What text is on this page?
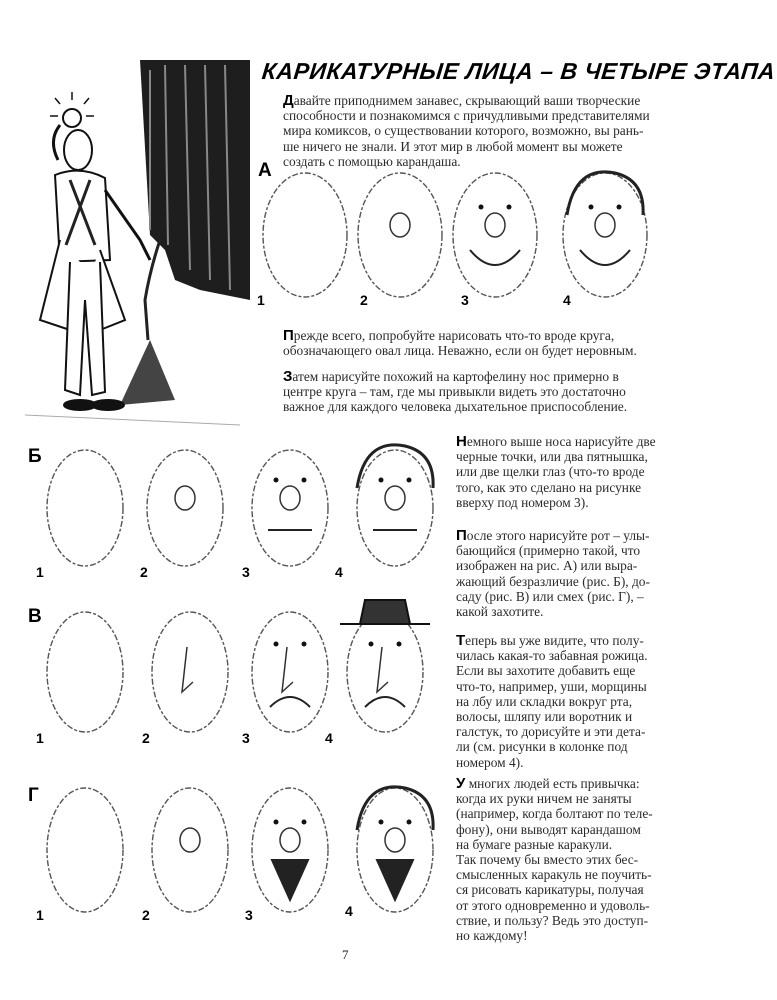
КАРИКАТУРНЫЕ ЛИЦА – В ЧЕТЫРЕ ЭТАПА
Давайте приподнимем занавес, скрывающий ваши творческие
способности и познакомимся с причудливыми представителями
мира комиксов, о существовании которого, возможно, вы рань-
ше ничего не знали. И этот мир в любой момент вы можете
создать с помощью карандаша.
Прежде всего, попробуйте нарисовать что-то вроде круга,
обозначающего овал лица. Неважно, если он будет неровным.
Затем нарисуйте похожий на картофелину нос примерно в
центре круга – там, где мы привыкли видеть это достаточно
важное для каждого человека дыхательное приспособление.
Немного выше носа нарисуйте две
черные точки, или два пятнышка,
или две щелки глаз (что-то вроде
того, как это сделано на рисунке
вверху под номером 3).
После этого нарисуйте рот – улы-
бающийся (примерно такой, что
изображен на рис. А) или выра-
жающий безразличие (рис. Б), до-
саду (рис. В) или смех (рис. Г), –
какой захотите.
Теперь вы уже видите, что полу-
чилась какая-то забавная рожица.
Если вы захотите добавить еще
что-то, например, уши, морщины
на лбу или складки вокруг рта,
волосы, шляпу или воротник и
галстук, то дорисуйте и эти дета-
ли (см. рисунки в колонке под
номером 4).
У многих людей есть привычка:
когда их руки ничем не заняты
(например, когда болтают по теле-
фону), они выводят карандашом
на бумаге разные каракули.
Так почему бы вместо этих бес-
смысленных каракуль не поучить-
ся рисовать карикатуры, получая
от этого одновременно и удоволь-
ствие, и пользу? Ведь это доступ-
но каждому!
А
Б
В
Г
1	2	3	4
1	2	3	4
1	2	3	4
1	2	3	4
7
